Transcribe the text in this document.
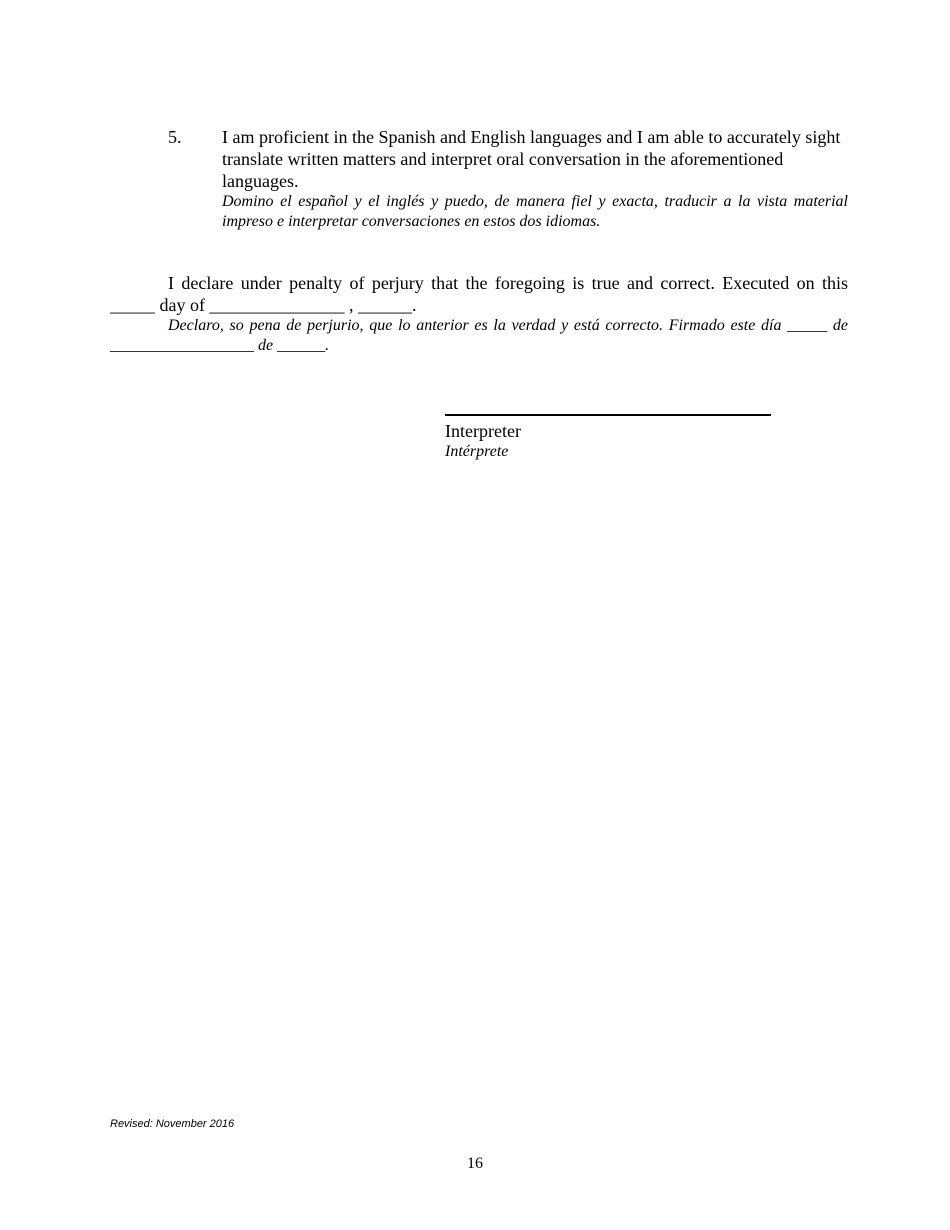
5. I am proficient in the Spanish and English languages and I am able to accurately sight translate written matters and interpret oral conversation in the aforementioned languages.

Domino el español y el inglés y puedo, de manera fiel y exacta, traducir a la vista material impreso e interpretar conversaciones en estos dos idiomas.

I declare under penalty of perjury that the foregoing is true and correct. Executed on this _____ day of _______________ , ______.

Declaro, so pena de perjurio, que lo anterior es la verdad y está correcto. Firmado este día _____ de __________________ de ______.

Interpreter

Intérprete

Revised: November 2016
16
